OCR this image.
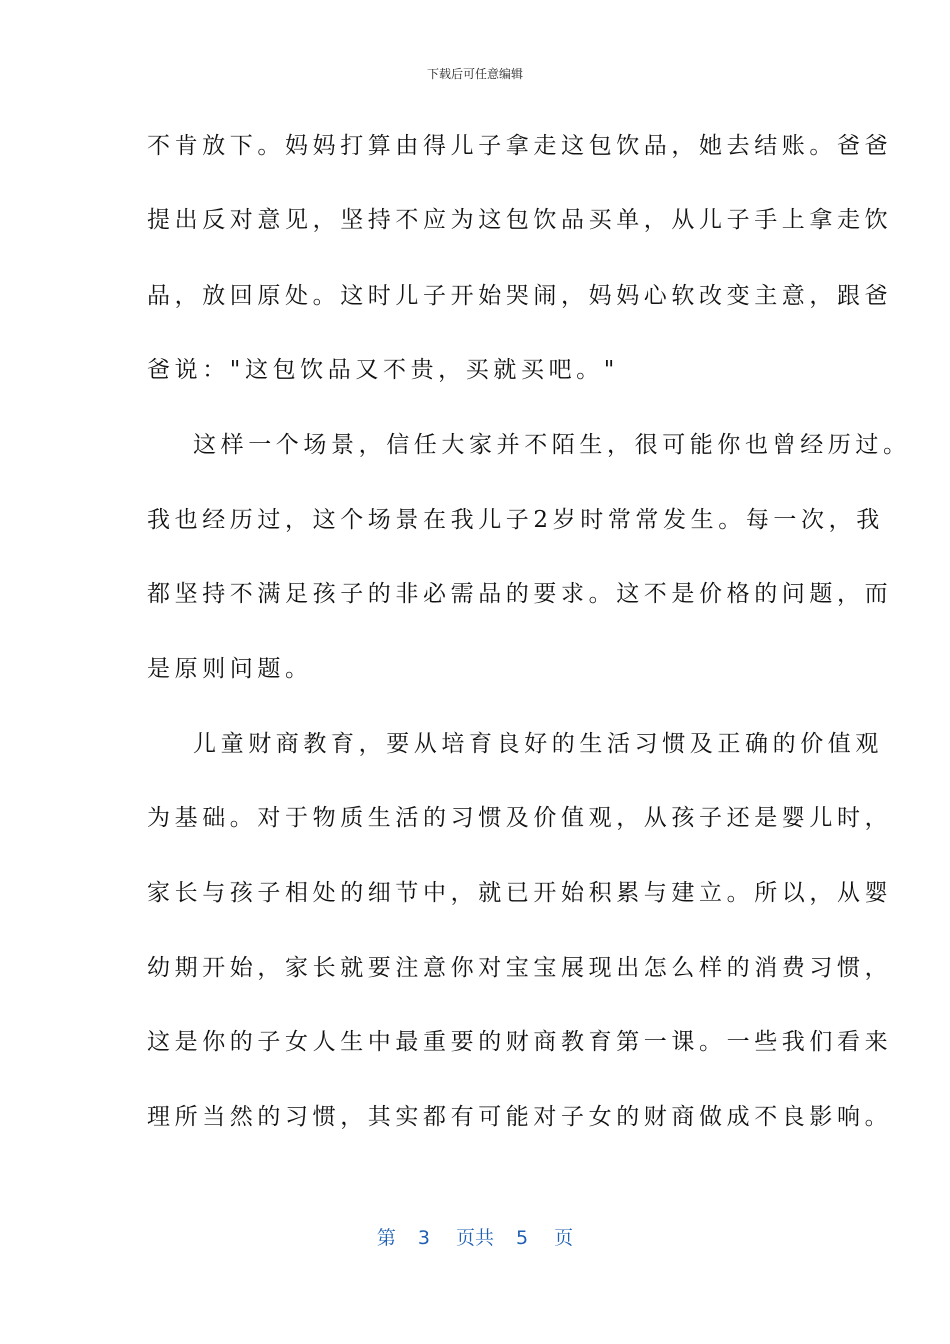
下载后可任意编辑
不肯放下。妈妈打算由得儿子拿走这包饮品，她去结账。爸爸
提出反对意见，坚持不应为这包饮品买单，从儿子手上拿走饮
品，放回原处。这时儿子开始哭闹，妈妈心软改变主意，跟爸
爸说："这包饮品又不贵，买就买吧。"
这样一个场景，信任大家并不陌生，很可能你也曾经历过。
我也经历过，这个场景在我儿子2岁时常常发生。每一次，我
都坚持不满足孩子的非必需品的要求。这不是价格的问题，而
是原则问题。
儿童财商教育，要从培育良好的生活习惯及正确的价值观
为基础。对于物质生活的习惯及价值观，从孩子还是婴儿时，
家长与孩子相处的细节中，就已开始积累与建立。所以，从婴
幼期开始，家长就要注意你对宝宝展现出怎么样的消费习惯，
这是你的子女人生中最重要的财商教育第一课。一些我们看来
理所当然的习惯，其实都有可能对子女的财商做成不良影响。
第 3 页共 5 页
